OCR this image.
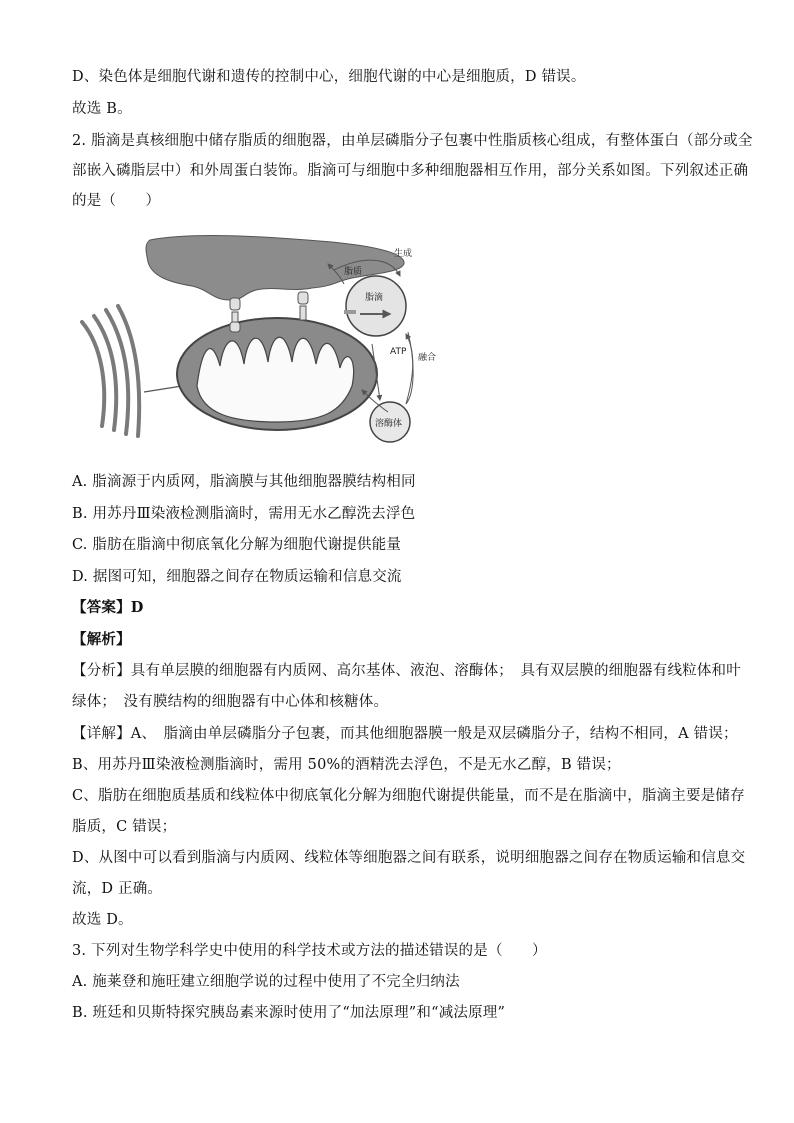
D、染色体是细胞代谢和遗传的控制中心，细胞代谢的中心是细胞质，D 错误。
故选 B。
2. 脂滴是真核细胞中储存脂质的细胞器，由单层磷脂分子包裹中性脂质核心组成，有整体蛋白（部分或全
部嵌入磷脂层中）和外周蛋白装饰。脂滴可与细胞中多种细胞器相互作用，部分关系如图。下列叙述正确
的是（　　）
脂滴
溶酶体
生成
脂质
ATP
融合
A. 脂滴源于内质网，脂滴膜与其他细胞器膜结构相同
B. 用苏丹Ⅲ染液检测脂滴时，需用无水乙醇洗去浮色
C. 脂肪在脂滴中彻底氧化分解为细胞代谢提供能量
D. 据图可知，细胞器之间存在物质运输和信息交流
【答案】D
【解析】
【分析】具有单层膜的细胞器有内质网、高尔基体、液泡、溶酶体；　具有双层膜的细胞器有线粒体和叶
绿体；　没有膜结构的细胞器有中心体和核糖体。
【详解】A、　脂滴由单层磷脂分子包裹，而其他细胞器膜一般是双层磷脂分子，结构不相同，A 错误；
B、用苏丹Ⅲ染液检测脂滴时，需用 50%的酒精洗去浮色，不是无水乙醇，B 错误；
C、脂肪在细胞质基质和线粒体中彻底氧化分解为细胞代谢提供能量，而不是在脂滴中，脂滴主要是储存
脂质，C 错误；
D、从图中可以看到脂滴与内质网、线粒体等细胞器之间有联系，说明细胞器之间存在物质运输和信息交
流，D 正确。
故选 D。
3. 下列对生物学科学史中使用的科学技术或方法的描述错误的是（　　）
A. 施莱登和施旺建立细胞学说的过程中使用了不完全归纳法
B. 班廷和贝斯特探究胰岛素来源时使用了“加法原理”和“减法原理”
